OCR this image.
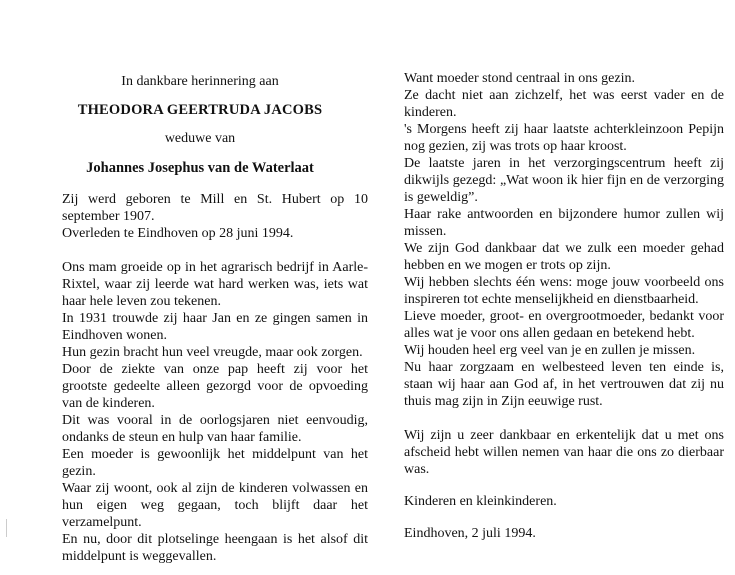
In dankbare herinnering aan

THEODORA GEERTRUDA JACOBS

weduwe van

Johannes Josephus van de Waterlaat

Zij werd geboren te Mill en St. Hubert op 10 september 1907.

Overleden te Eindhoven op 28 juni 1994.

Ons mam groeide op in het agrarisch bedrijf in Aarle-Rixtel, waar zij leerde wat hard werken was, iets wat haar hele leven zou tekenen.

In 1931 trouwde zij haar Jan en ze gingen samen in Eindhoven wonen.

Hun gezin bracht hun veel vreugde, maar ook zorgen.

Door de ziekte van onze pap heeft zij voor het grootste gedeelte alleen gezorgd voor de opvoeding van de kinderen.

Dit was vooral in de oorlogsjaren niet eenvoudig, ondanks de steun en hulp van haar familie.

Een moeder is gewoonlijk het middelpunt van het gezin.

Waar zij woont, ook al zijn de kinderen volwassen en hun eigen weg gegaan, toch blijft daar het verzamelpunt.

En nu, door dit plotselinge heengaan is het alsof dit middelpunt is weggevallen.

Want moeder stond centraal in ons gezin.

Ze dacht niet aan zichzelf, het was eerst vader en de kinderen.

's Morgens heeft zij haar laatste achterkleinzoon Pepijn nog gezien, zij was trots op haar kroost.

De laatste jaren in het verzorgingscentrum heeft zij dikwijls gezegd: „Wat woon ik hier fijn en de verzorging is geweldig”.

Haar rake antwoorden en bijzondere humor zullen wij missen.

We zijn God dankbaar dat we zulk een moeder gehad hebben en we mogen er trots op zijn.

Wij hebben slechts één wens: moge jouw voorbeeld ons inspireren tot echte menselijkheid en dienstbaarheid.

Lieve moeder, groot- en overgrootmoeder, bedankt voor alles wat je voor ons allen gedaan en betekend hebt.

Wij houden heel erg veel van je en zullen je missen.

Nu haar zorgzaam en welbesteed leven ten einde is, staan wij haar aan God af, in het vertrouwen dat zij nu thuis mag zijn in Zijn eeuwige rust.

Wij zijn u zeer dankbaar en erkentelijk dat u met ons afscheid hebt willen nemen van haar die ons zo dierbaar was.

Kinderen en kleinkinderen.

Eindhoven, 2 juli 1994.
